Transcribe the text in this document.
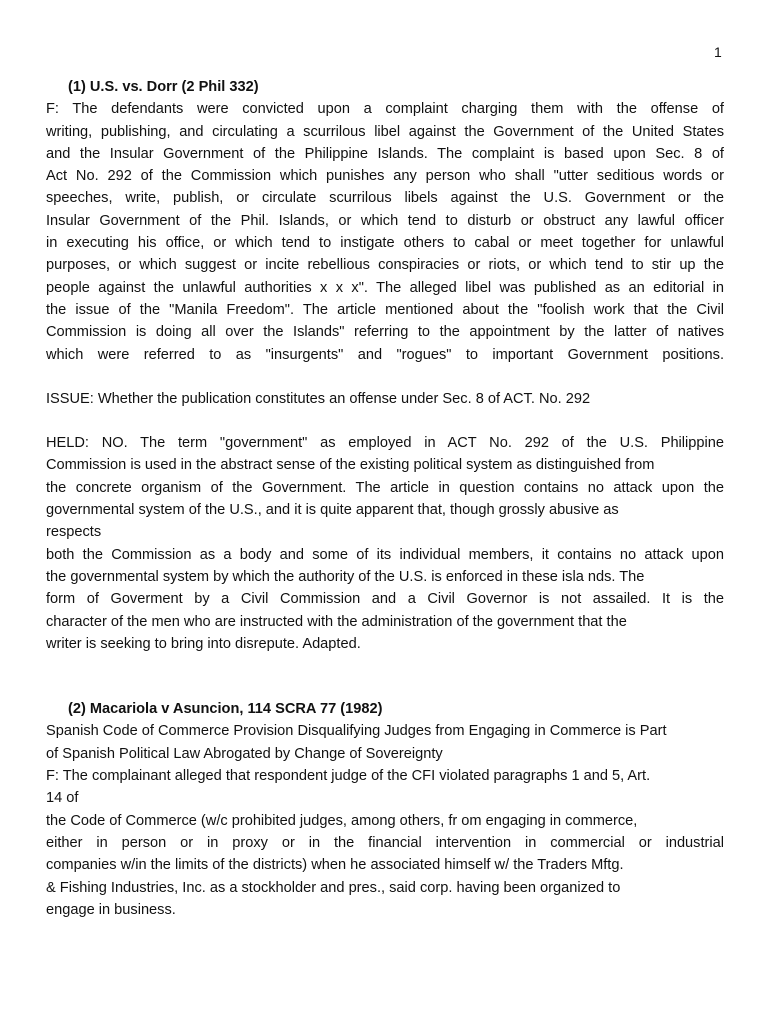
1
(1) U.S. vs. Dorr (2 Phil 332)
F: The defendants were convicted upon a complaint charging them with the offense of
writing, publishing, and circulating a scurrilous libel against the Government of the United States
and the Insular Government of the Philippine Islands. The complaint is based upon Sec. 8 of
Act No. 292 of the Commission which punishes any person who shall "utter seditious words or
speeches, write, publish, or circulate scurrilous libels against the U.S. Government or the
Insular Government of the Phil. Islands, or which tend to disturb or obstruct any lawful officer
in executing his office, or which tend to instigate others to cabal or meet together for unlawful
purposes, or which suggest or incite rebellious conspiracies or riots, or which tend to stir up the
people against the unlawful authorities x x x". The alleged libel was published as an editorial in
the issue of the "Manila Freedom". The article mentioned about the "foolish work that the Civil
Commission is doing all over the Islands" referring to the appointment by the latter of natives
which were referred to as "insurgents" and "rogues" to important Government positions.
ISSUE: Whether the publication constitutes an offense under Sec. 8 of ACT. No. 292
HELD: NO. The term "government" as employed in ACT No. 292 of the U.S. Philippine
Commission is used in the abstract sense of the existing political system as distinguished from
the concrete organism of the Government. The article in question contains no attack upon the
governmental system of the U.S., and it is quite apparent that, though grossly abusive as
respects
both the Commission as a body and some of its individual members, it contains no attack upon
the governmental system by which the authority of the U.S. is enforced in these isla nds. The
form of Goverment by a Civil Commission and a Civil Governor is not assailed. It is the
character of the men who are instructed with the administration of the government that the
writer is seeking to bring into disrepute. Adapted.
(2) Macariola v Asuncion, 114 SCRA 77 (1982)
Spanish Code of Commerce Provision Disqualifying Judges from Engaging in Commerce is Part
of Spanish Political Law Abrogated by Change of Sovereignty
F: The complainant alleged that respondent judge of the CFI violated paragraphs 1 and 5, Art.
14 of
the Code of Commerce (w/c prohibited judges, among others, fr om engaging in commerce,
either in person or in proxy or in the financial intervention in commercial or industrial
companies w/in the limits of the districts) when he associated himself w/ the Traders Mftg.
& Fishing Industries, Inc. as a stockholder and pres., said corp. having been organized to
engage in business.
